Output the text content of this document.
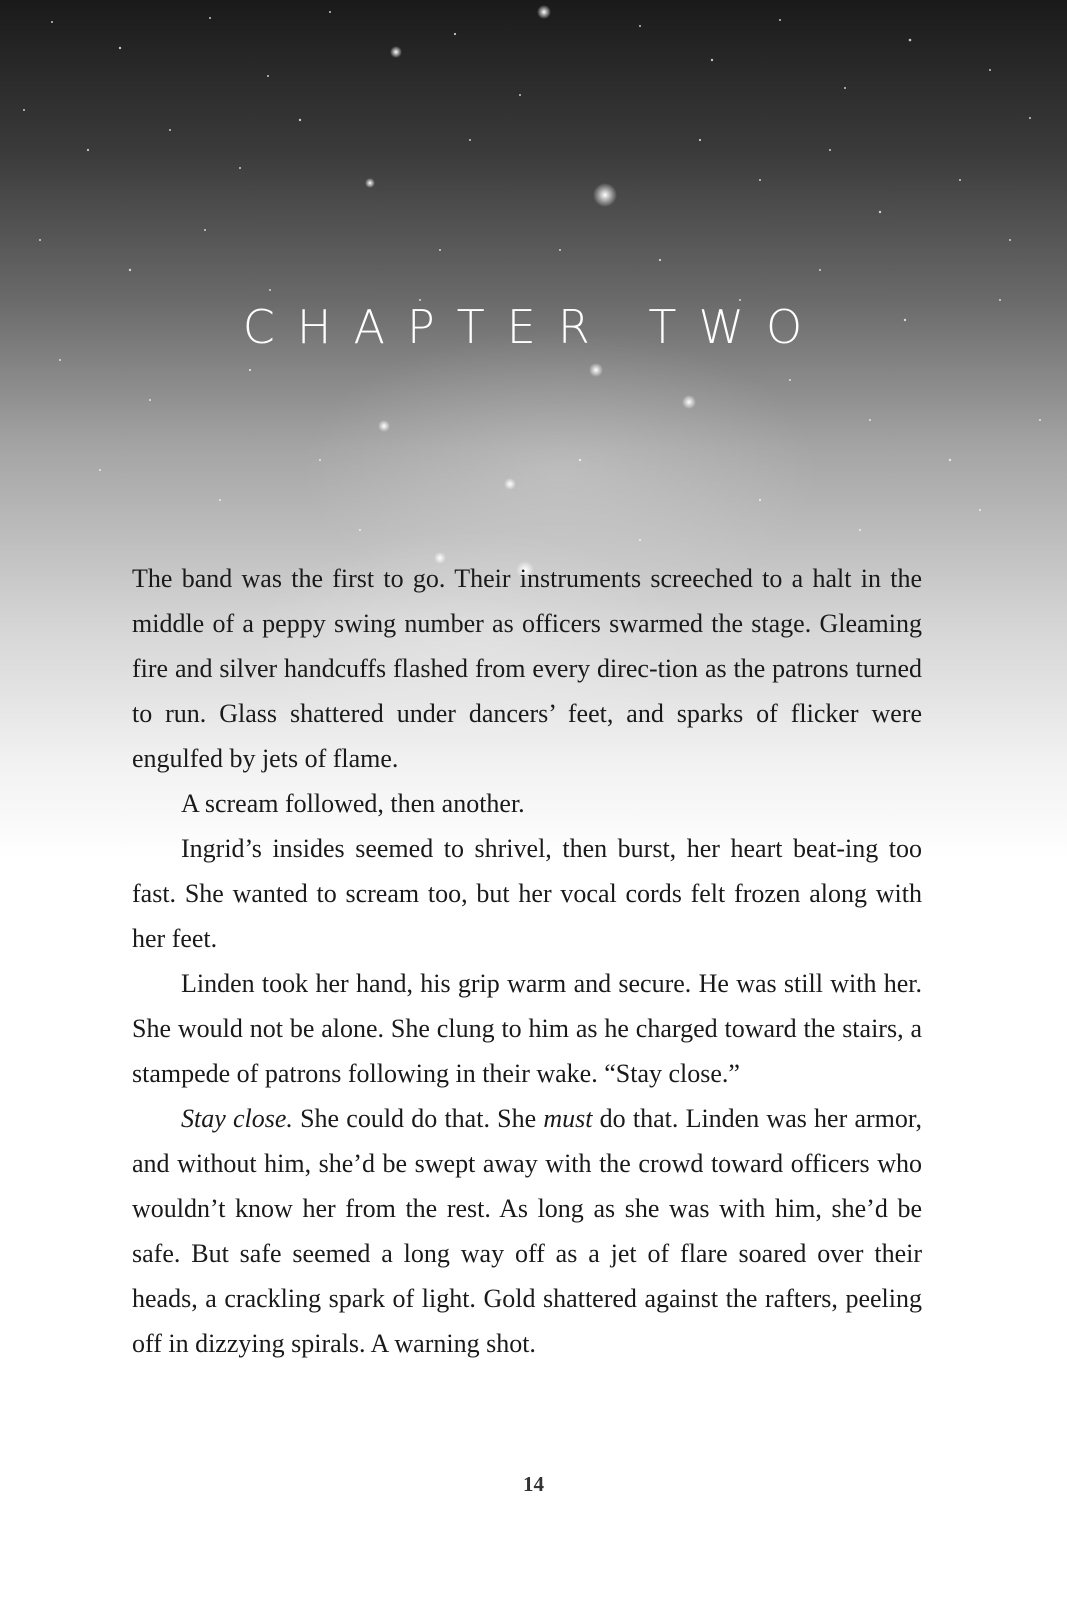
CHAPTER TWO

The band was the first to go. Their instruments screeched to a halt in the middle of a peppy swing number as officers swarmed the stage. Gleaming fire and silver handcuffs flashed from every direc-tion as the patrons turned to run. Glass shattered under dancers’ feet, and sparks of flicker were engulfed by jets of flame.

A scream followed, then another.

Ingrid’s insides seemed to shrivel, then burst, her heart beat-ing too fast. She wanted to scream too, but her vocal cords felt frozen along with her feet.

Linden took her hand, his grip warm and secure. He was still with her. She would not be alone. She clung to him as he charged toward the stairs, a stampede of patrons following in their wake. “Stay close.”

Stay close. She could do that. She must do that. Linden was her armor, and without him, she’d be swept away with the crowd toward officers who wouldn’t know her from the rest. As long as she was with him, she’d be safe. But safe seemed a long way off as a jet of flare soared over their heads, a crackling spark of light. Gold shattered against the rafters, peeling off in dizzying spirals. A warning shot.

14
